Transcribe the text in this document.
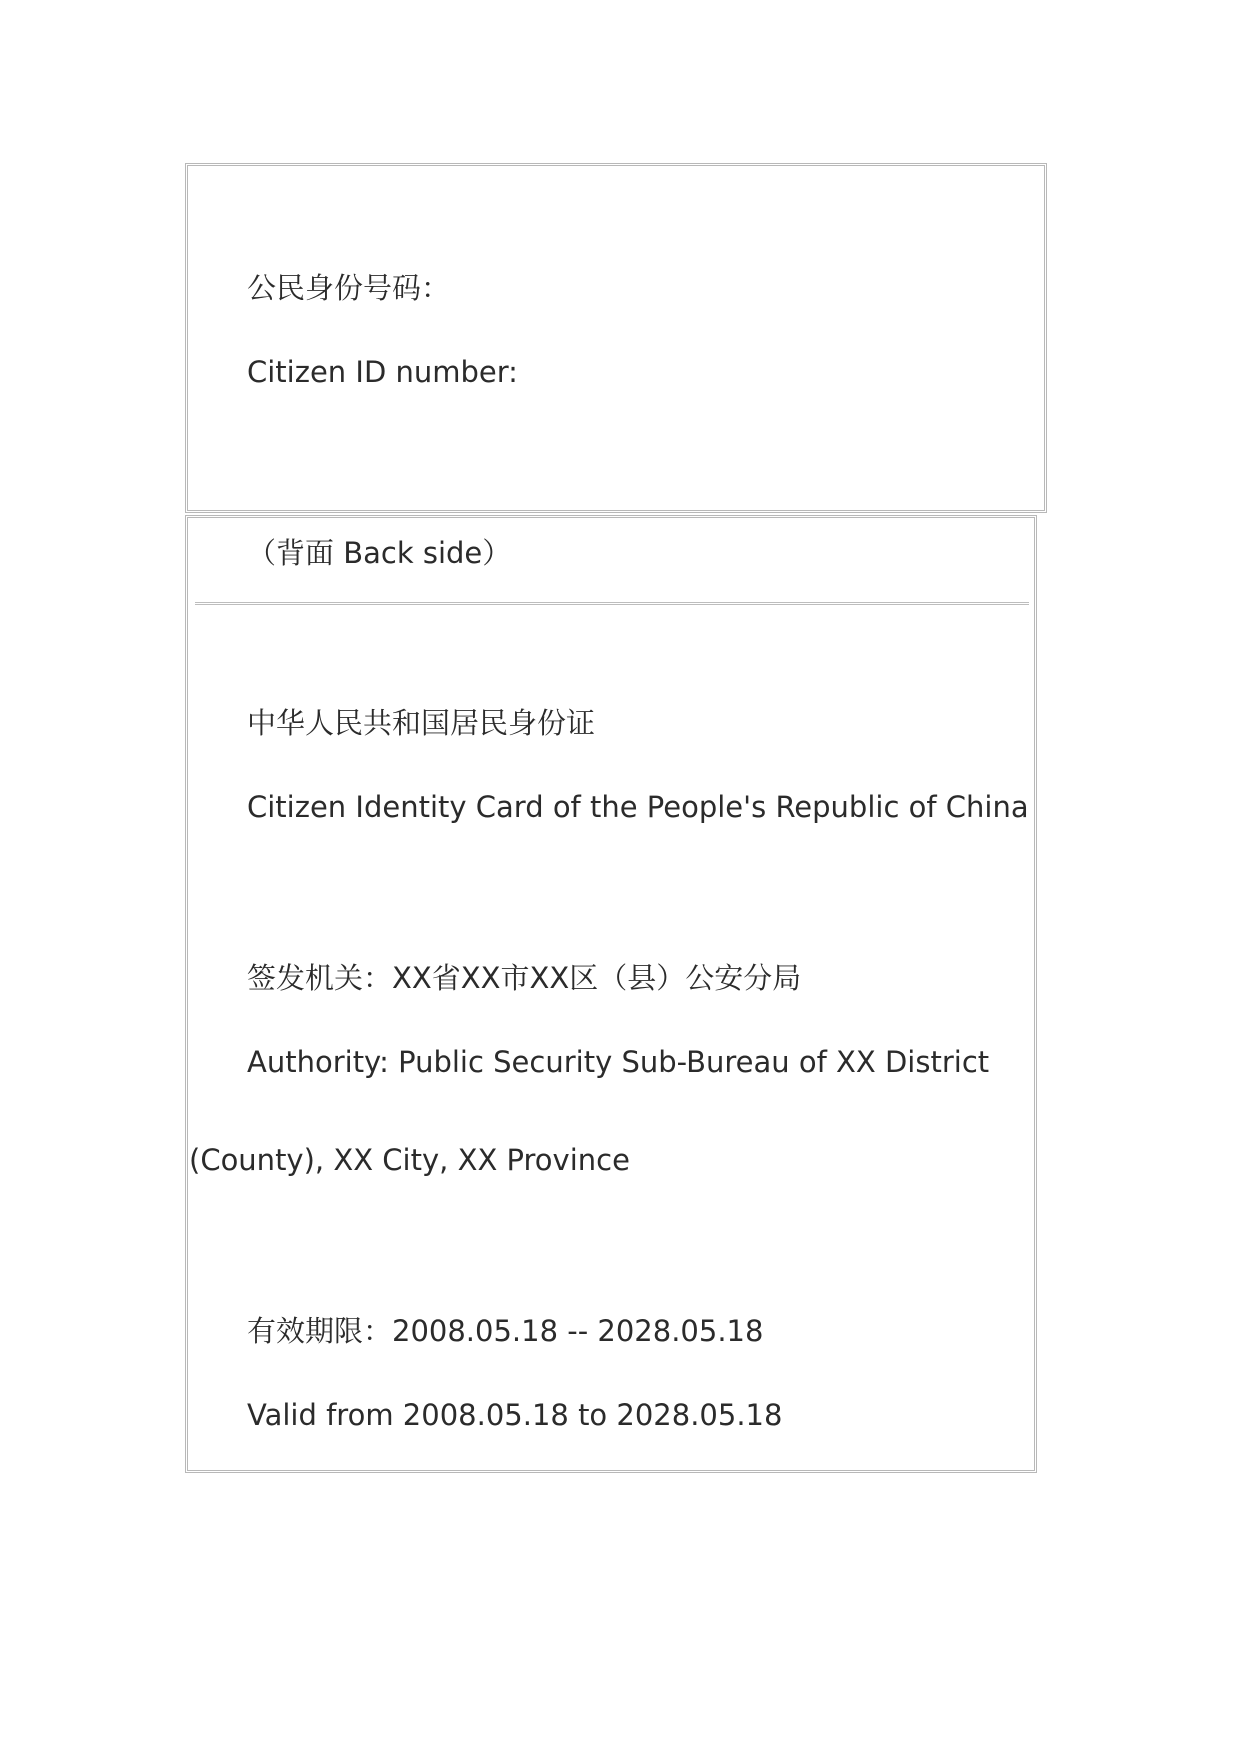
公民身份号码：
Citizen ID number:
（背面 Back side）
中华人民共和国居民身份证
Citizen Identity Card of the People's Republic of China
签发机关：XX省XX市XX区（县）公安分局
Authority: Public Security Sub-Bureau of XX District
(County), XX City, XX Province
有效期限：2008.05.18 -- 2028.05.18
Valid from 2008.05.18 to 2028.05.18
